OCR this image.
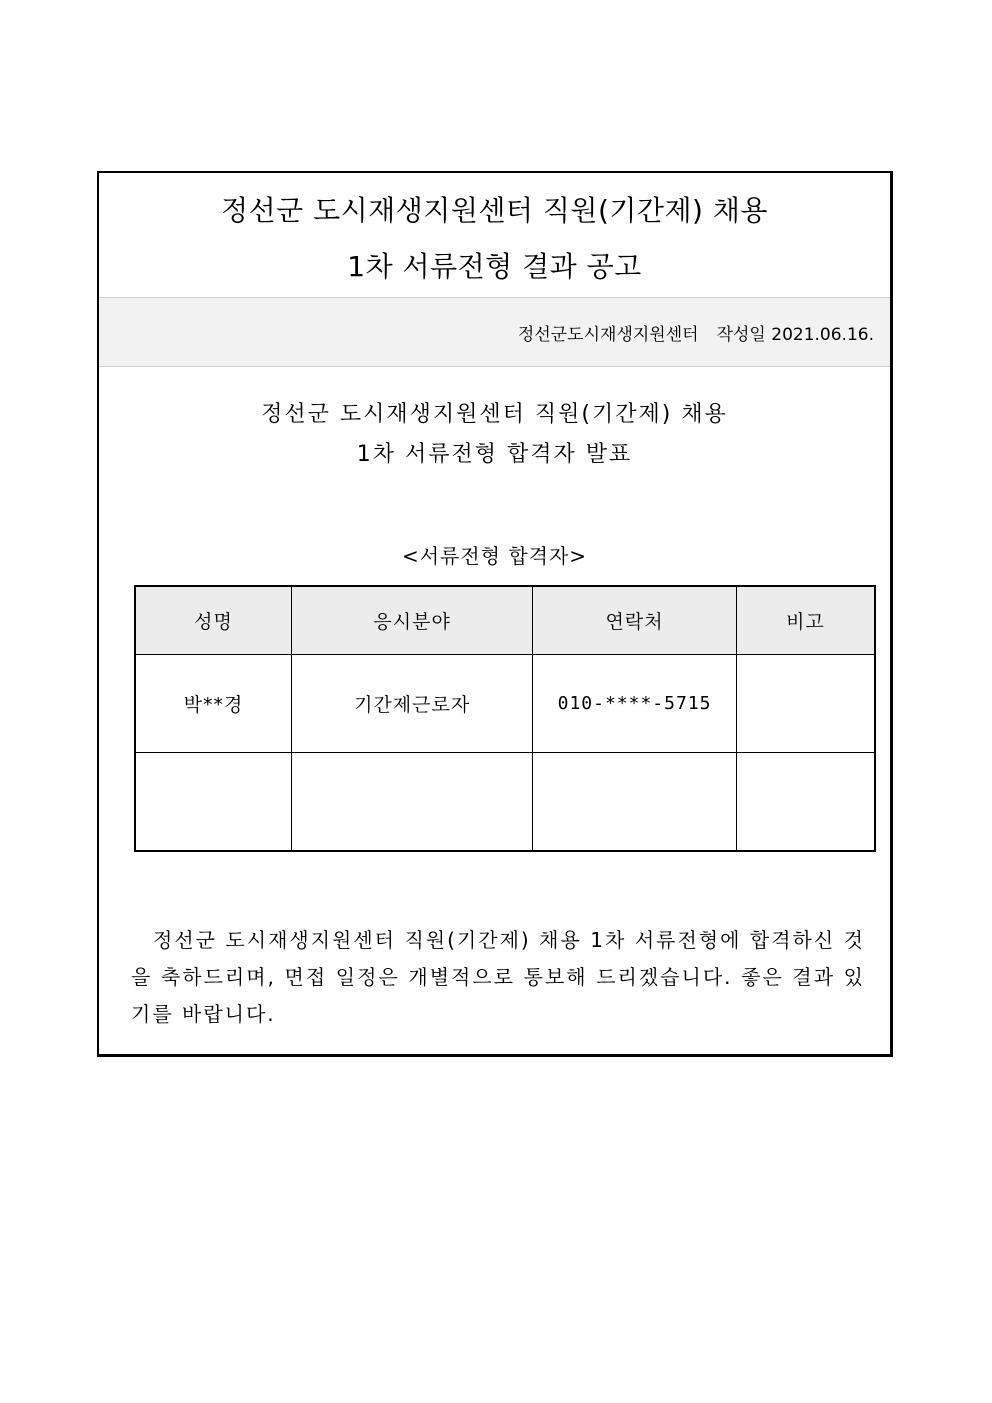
정선군 도시재생지원센터 직원(기간제) 채용
1차 서류전형 결과 공고
정선군도시재생지원센터 작성일 2021.06.16.
정선군 도시재생지원센터 직원(기간제) 채용
1차 서류전형 합격자 발표
<서류전형 합격자>
성명	응시분야	연락처	비고
박**경	기간제근로자	010-****-5715	

정선군 도시재생지원센터 직원(기간제) 채용 1차 서류전형에 합격하신 것을 축하드리며, 면접 일정은 개별적으로 통보해 드리겠습니다. 좋은 결과 있기를 바랍니다.
